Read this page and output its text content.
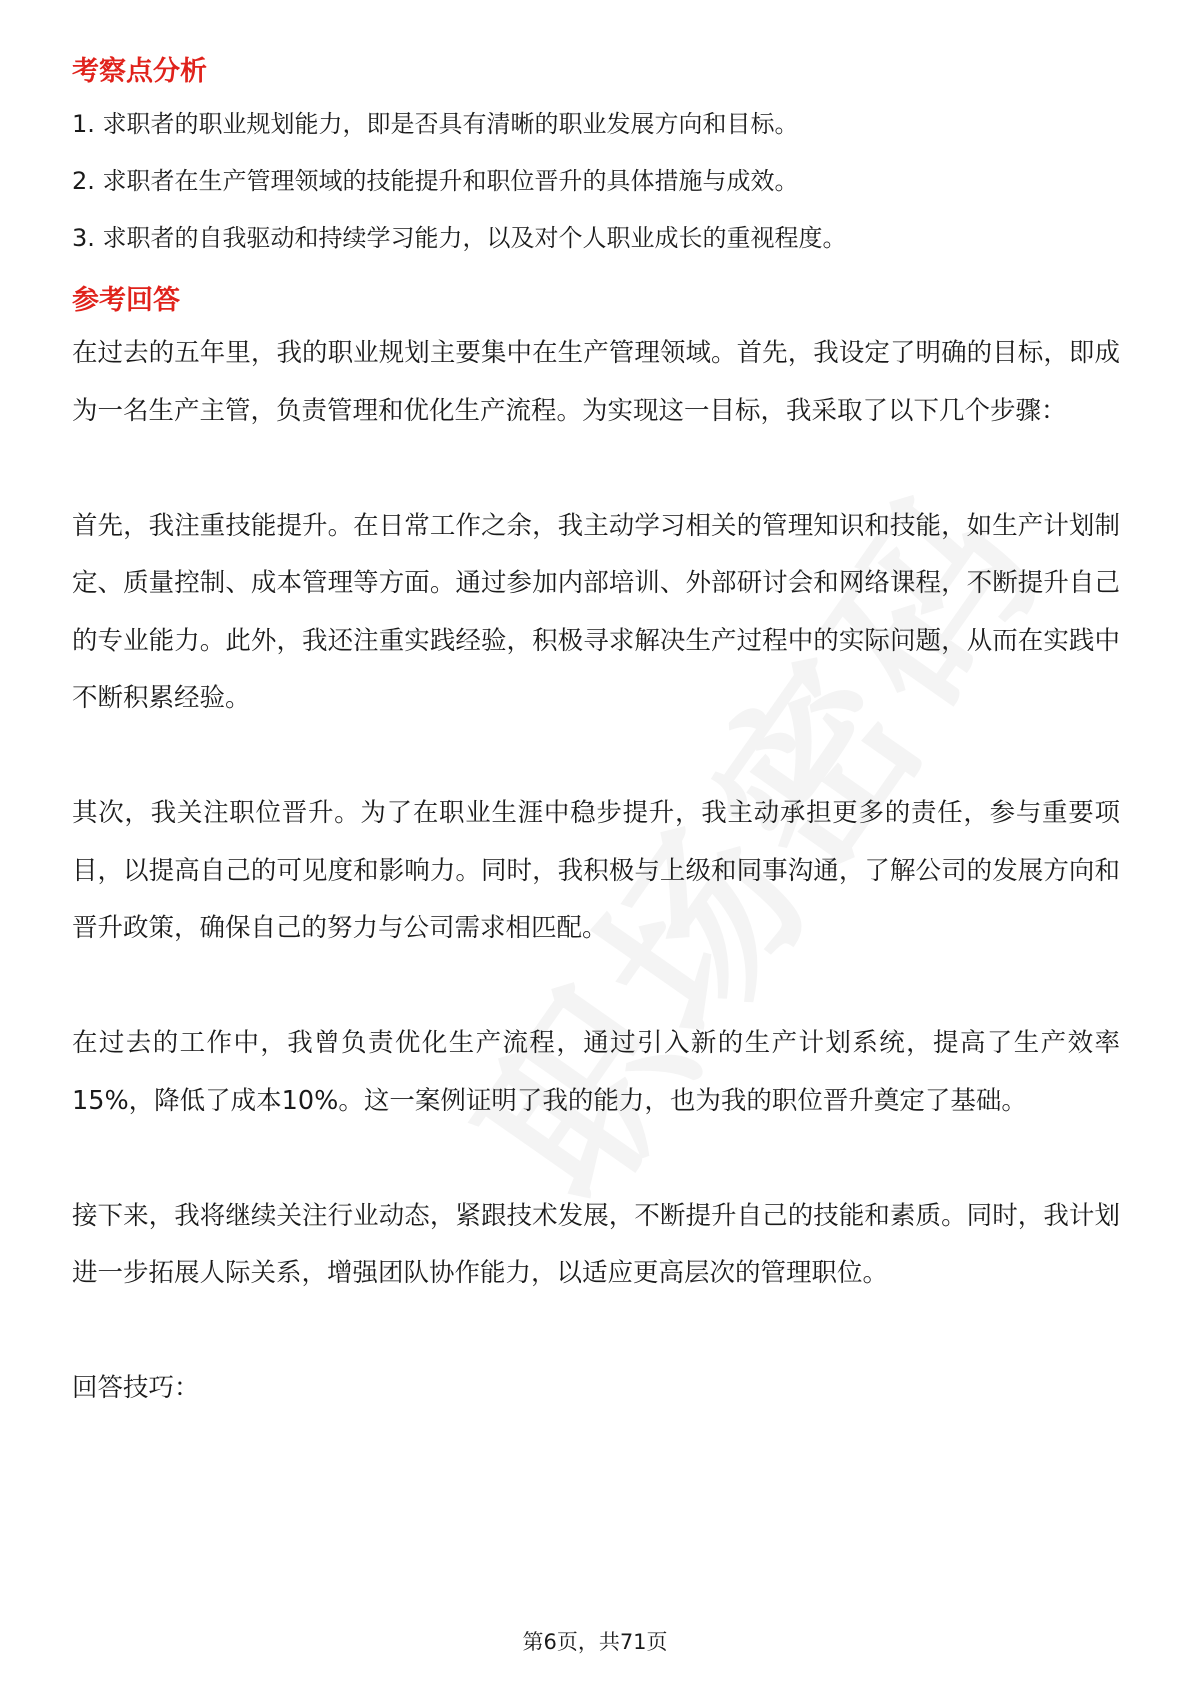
考察点分析

1. 求职者的职业规划能力，即是否具有清晰的职业发展方向和目标。

2. 求职者在生产管理领域的技能提升和职位晋升的具体措施与成效。

3. 求职者的自我驱动和持续学习能力，以及对个人职业成长的重视程度。

参考回答

在过去的五年里，我的职业规划主要集中在生产管理领域。首先，我设定了明确的目标，即成为一名生产主管，负责管理和优化生产流程。为实现这一目标，我采取了以下几个步骤：

首先，我注重技能提升。在日常工作之余，我主动学习相关的管理知识和技能，如生产计划制定、质量控制、成本管理等方面。通过参加内部培训、外部研讨会和网络课程，不断提升自己的专业能力。此外，我还注重实践经验，积极寻求解决生产过程中的实际问题，从而在实践中不断积累经验。

其次，我关注职位晋升。为了在职业生涯中稳步提升，我主动承担更多的责任，参与重要项目，以提高自己的可见度和影响力。同时，我积极与上级和同事沟通，了解公司的发展方向和晋升政策，确保自己的努力与公司需求相匹配。

在过去的工作中，我曾负责优化生产流程，通过引入新的生产计划系统，提高了生产效率15%，降低了成本10%。这一案例证明了我的能力，也为我的职位晋升奠定了基础。

接下来，我将继续关注行业动态，紧跟技术发展，不断提升自己的技能和素质。同时，我计划进一步拓展人际关系，增强团队协作能力，以适应更高层次的管理职位。

回答技巧：

第6页，共71页
